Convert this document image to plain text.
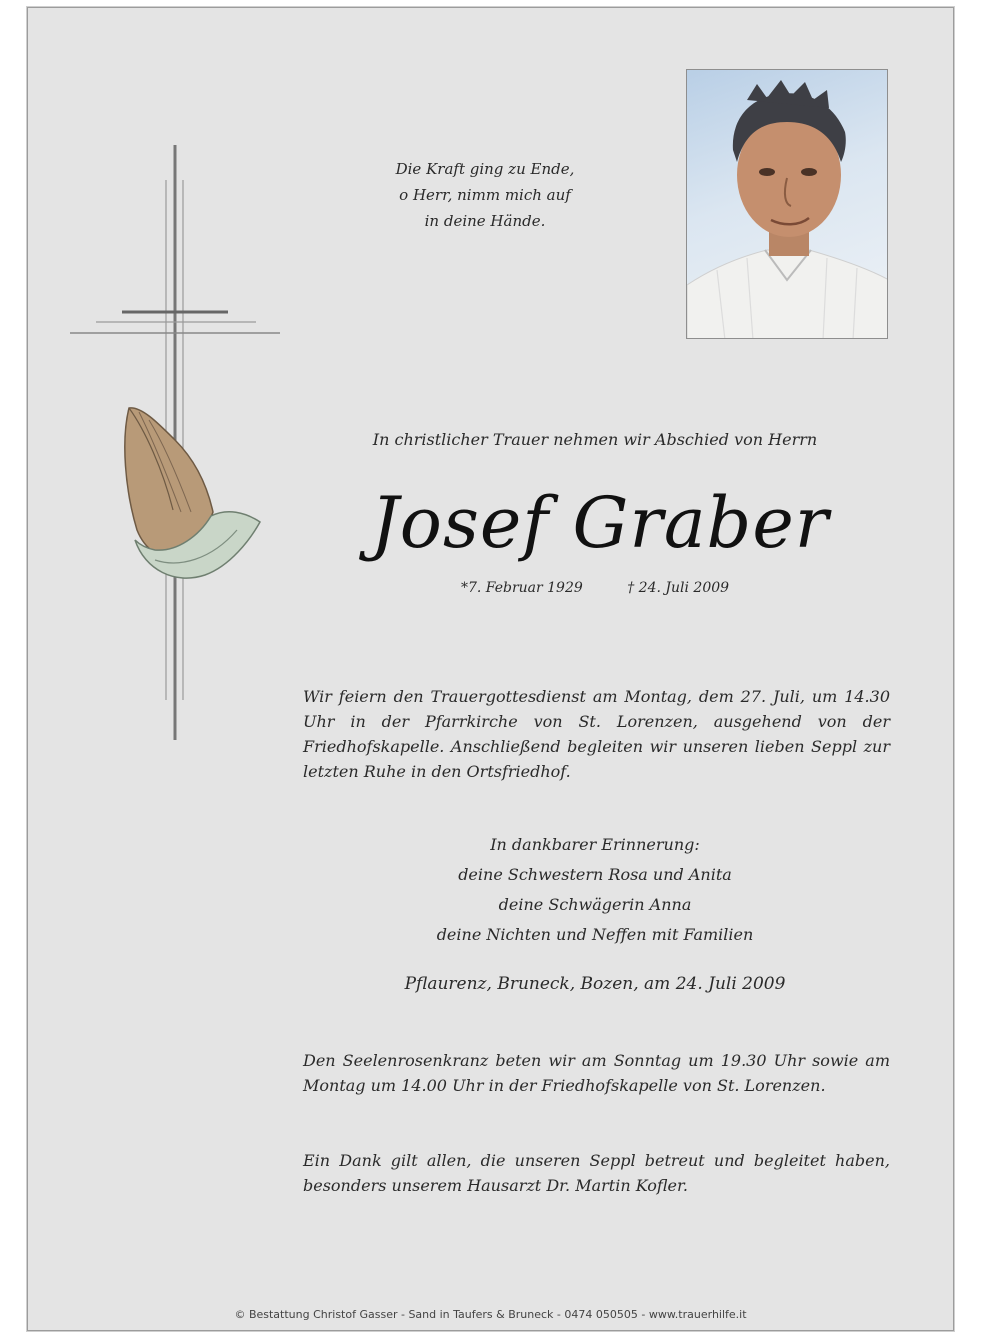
Die Kraft ging zu Ende,
o Herr, nimm mich auf
in deine Hände.
In christlicher Trauer nehmen wir Abschied von Herrn
Josef Graber
*7. Februar 1929	† 24. Juli 2009
Wir feiern den Trauergottesdienst am Montag, dem 27. Juli, um 14.30 Uhr in der Pfarrkirche von St. Lorenzen, ausgehend von der Friedhofskapelle. Anschließend begleiten wir unseren lieben Seppl zur letzten Ruhe in den Ortsfriedhof.
In dankbarer Erinnerung:
deine Schwestern Rosa und Anita
deine Schwägerin Anna
deine Nichten und Neffen mit Familien
Pflaurenz, Bruneck, Bozen, am 24. Juli 2009
Den Seelenrosenkranz beten wir am Sonntag um 19.30 Uhr sowie am Montag um 14.00 Uhr in der Friedhofskapelle von St. Lorenzen.
Ein Dank gilt allen, die unseren Seppl betreut und begleitet haben, besonders unserem Hausarzt Dr. Martin Kofler.
© Bestattung Christof Gasser - Sand in Taufers & Bruneck - 0474 050505 - www.trauerhilfe.it
